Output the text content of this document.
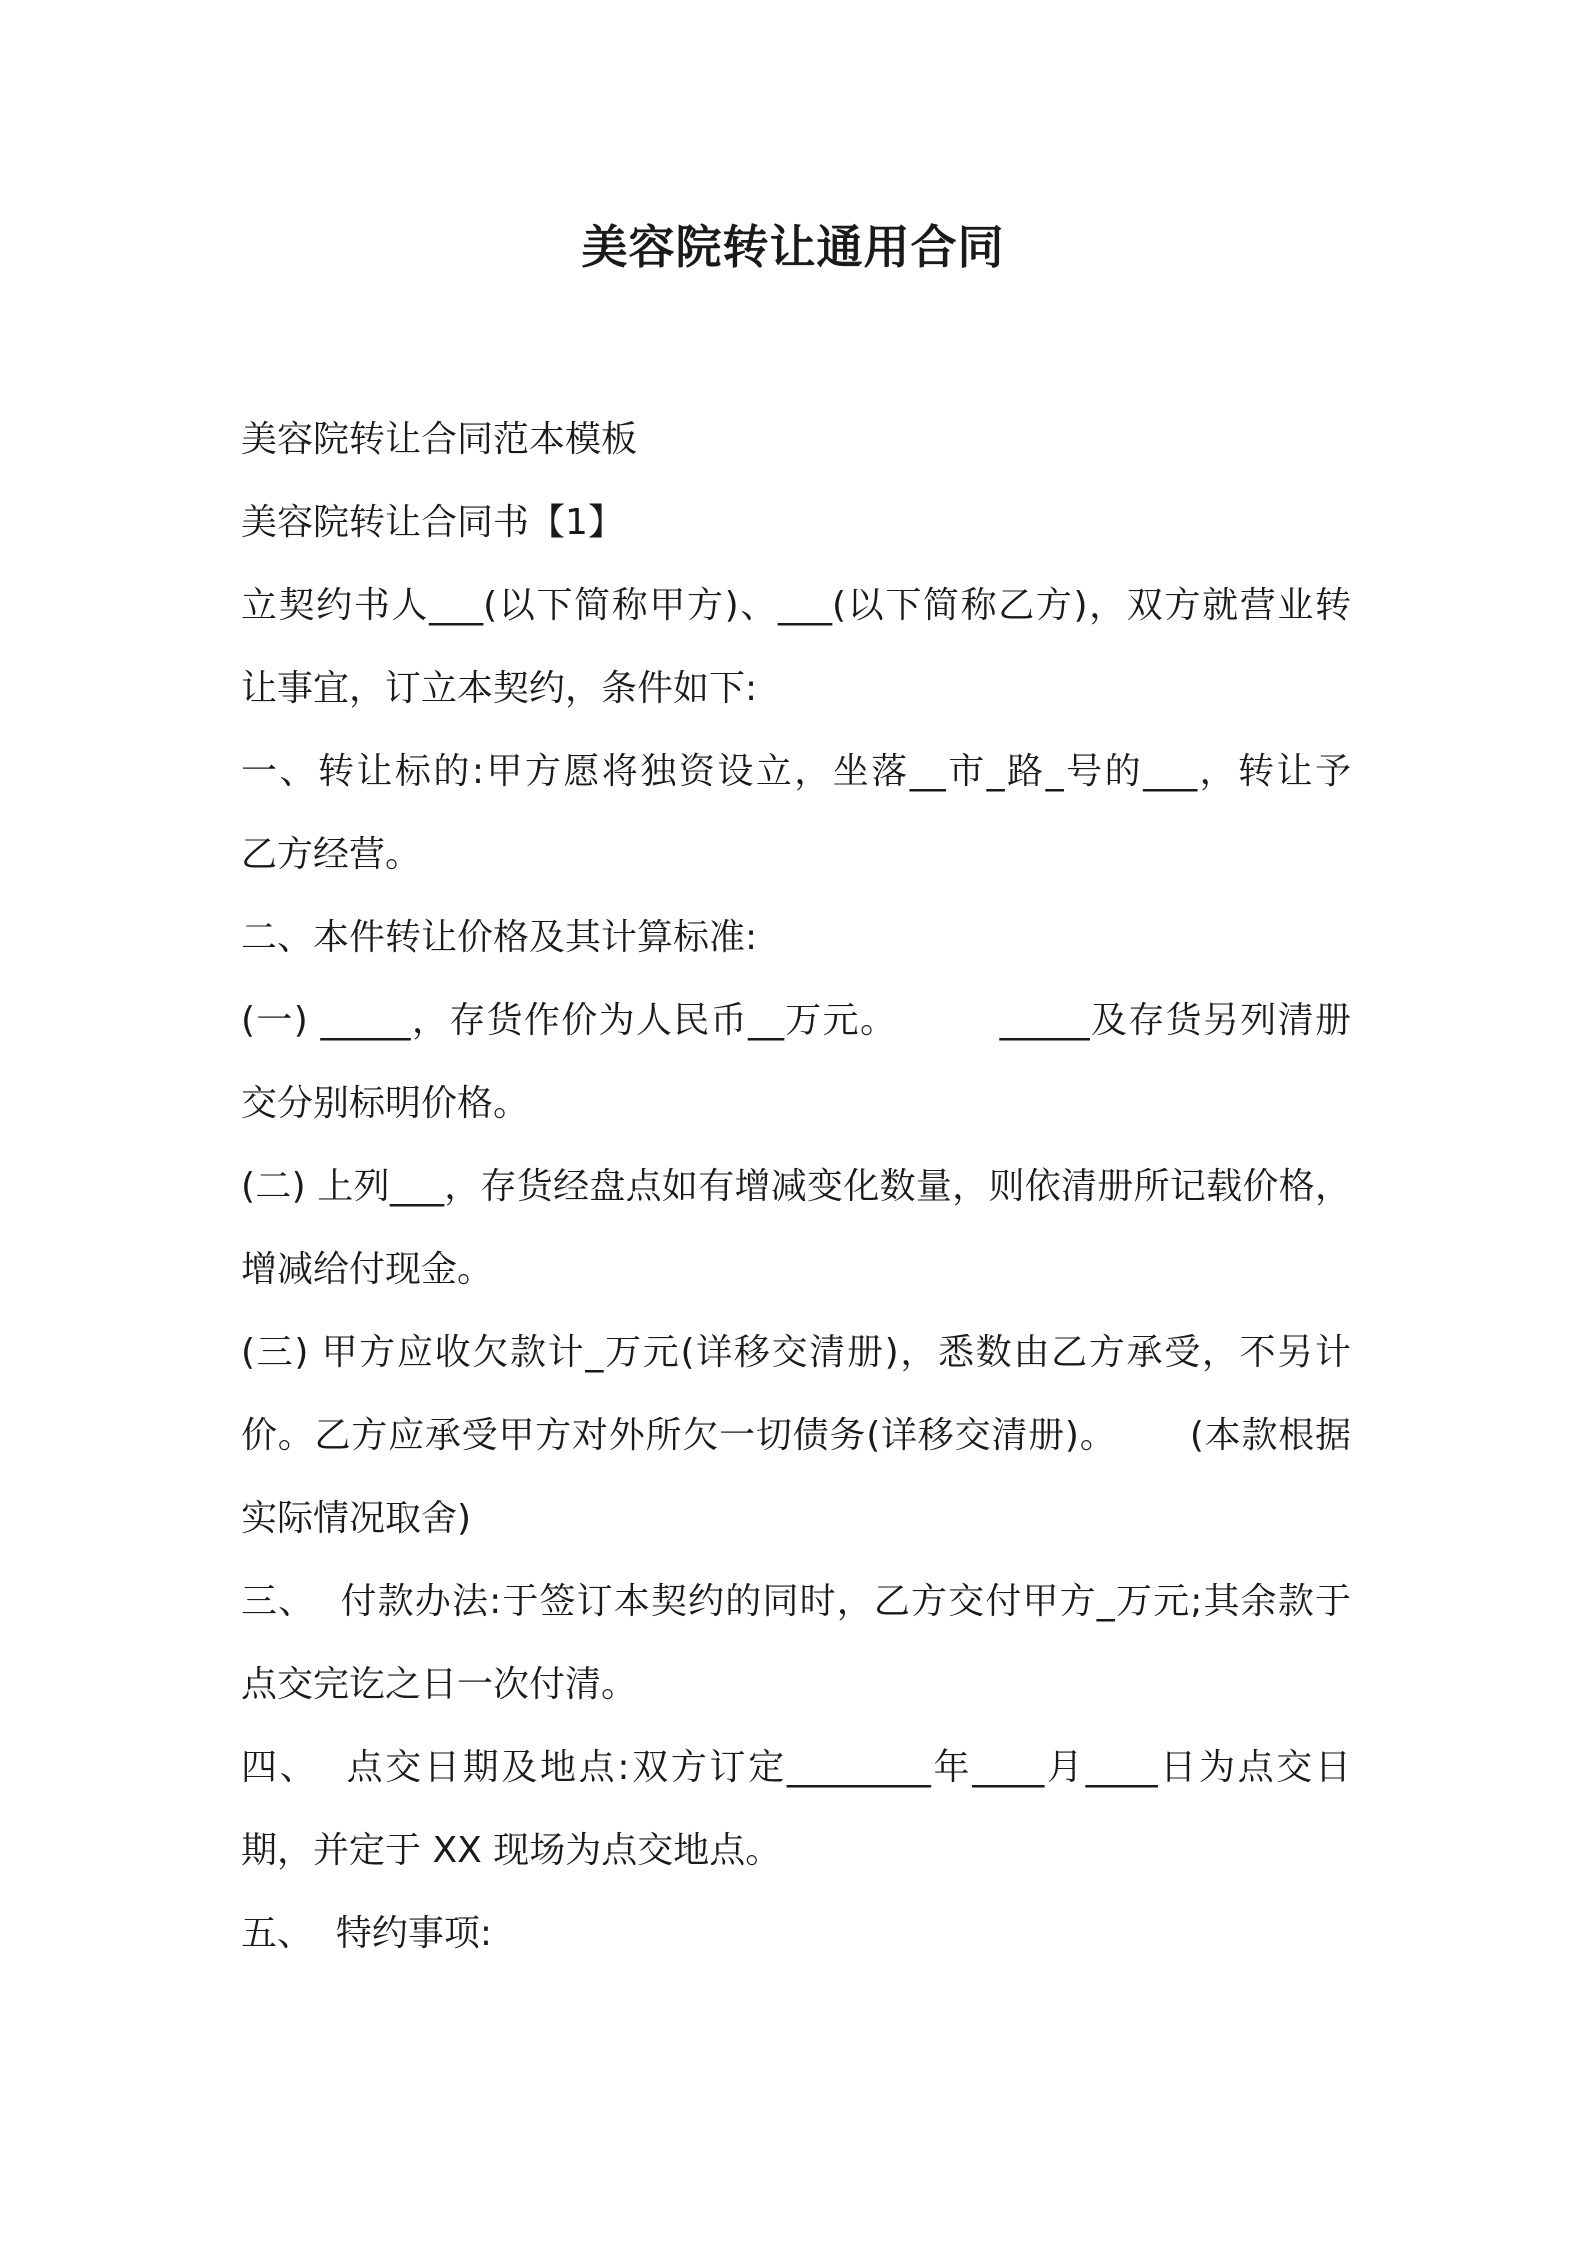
美容院转让通用合同
美容院转让合同范本模板
美容院转让合同书【1】
立契约书人___(以下简称甲方)、___(以下简称乙方)，双方就营业转
让事宜，订立本契约，条件如下:
一、转让标的:甲方愿将独资设立，坐落__市_路_号的___，转让予
乙方经营。
二、本件转让价格及其计算标准:
(一) _____，存货作价为人民币__万元。        _____及存货另列清册
交分别标明价格。
(二) 上列___，存货经盘点如有增减变化数量，则依清册所记载价格，
增减给付现金。
(三) 甲方应收欠款计_万元(详移交清册)，悉数由乙方承受，不另计
价。乙方应承受甲方对外所欠一切债务(详移交清册)。      (本款根据
实际情况取舍)
三、  付款办法:于签订本契约的同时，乙方交付甲方_万元;其余款于
点交完讫之日一次付清。
四、  点交日期及地点:双方订定________年____月____日为点交日
期，并定于 XX 现场为点交地点。
五、  特约事项:
